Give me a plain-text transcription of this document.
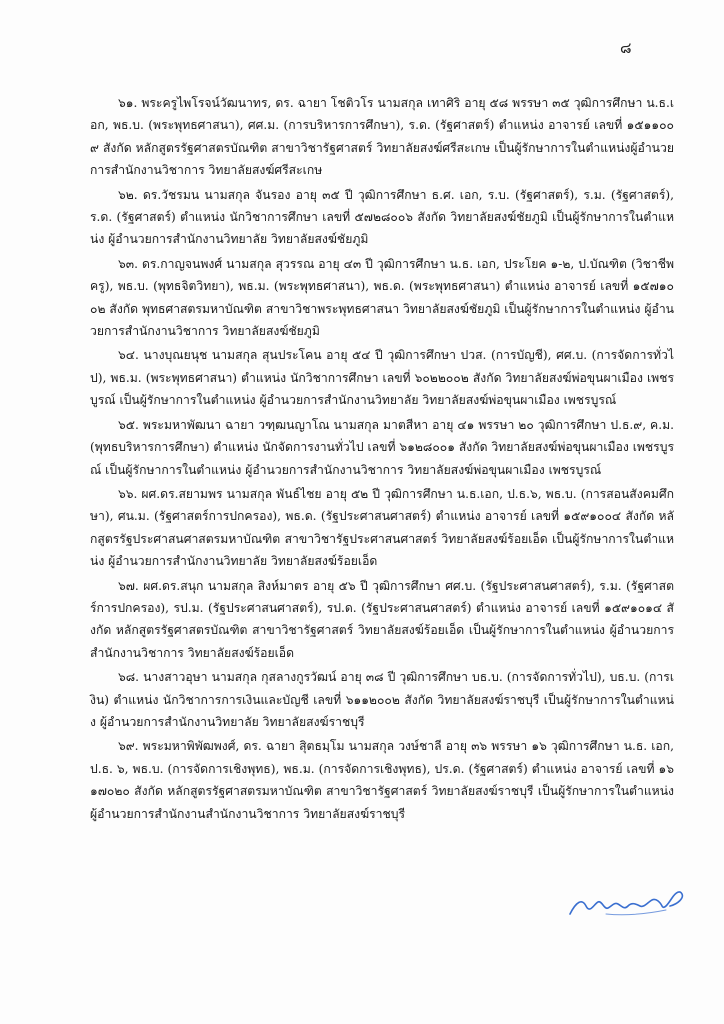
๘

๖๑. พระครูไพโรจน์วัฒนาทร, ดร. ฉายา โชติวโร นามสกุล เทาศิริ อายุ ๕๘ พรรษา ๓๕ วุฒิการศึกษา น.ธ.เอก, พธ.บ. (พระพุทธศาสนา), ศศ.ม. (การบริหารการศึกษา), ร.ด. (รัฐศาสตร์) ตำแหน่ง อาจารย์ เลขที่ ๑๕๑๑๐๐๙ สังกัด หลักสูตรรัฐศาสตรบัณฑิต สาขาวิชารัฐศาสตร์ วิทยาลัยสงฆ์ศรีสะเกษ เป็นผู้รักษาการในตำแหน่งผู้อำนวยการสำนักงานวิชาการ วิทยาลัยสงฆ์ศรีสะเกษ

๖๒. ดร.วัชรมน นามสกุล จันรอง อายุ ๓๕ ปี วุฒิการศึกษา ธ.ศ. เอก, ร.บ. (รัฐศาสตร์), ร.ม. (รัฐศาสตร์), ร.ด. (รัฐศาสตร์) ตำแหน่ง นักวิชาการศึกษา เลขที่ ๕๗๒๘๐๐๖ สังกัด วิทยาลัยสงฆ์ชัยภูมิ เป็นผู้รักษาการในตำแหน่ง ผู้อำนวยการสำนักงานวิทยาลัย วิทยาลัยสงฆ์ชัยภูมิ

๖๓. ดร.กาญจนพงศ์ นามสกุล สุวรรณ อายุ ๔๓ ปี วุฒิการศึกษา น.ธ. เอก, ประโยค ๑-๒, ป.บัณฑิต (วิชาชีพครู), พธ.บ. (พุทธจิตวิทยา), พธ.ม. (พระพุทธศาสนา), พธ.ด. (พระพุทธศาสนา) ตำแหน่ง อาจารย์ เลขที่ ๑๕๗๑๐๐๒ สังกัด พุทธศาสตรมหาบัณฑิต สาขาวิชาพระพุทธศาสนา วิทยาลัยสงฆ์ชัยภูมิ เป็นผู้รักษาการในตำแหน่ง ผู้อำนวยการสำนักงานวิชาการ วิทยาลัยสงฆ์ชัยภูมิ

๖๔. นางบุณยนุช นามสกุล สุนประโคน อายุ ๕๔ ปี วุฒิการศึกษา ปวส. (การบัญชี), ศศ.บ. (การจัดการทั่วไป), พธ.ม. (พระพุทธศาสนา) ตำแหน่ง นักวิชาการศึกษา เลขที่ ๖๐๒๒๐๐๒ สังกัด วิทยาลัยสงฆ์พ่อขุนผาเมือง เพชรบูรณ์ เป็นผู้รักษาการในตำแหน่ง ผู้อำนวยการสำนักงานวิทยาลัย วิทยาลัยสงฆ์พ่อขุนผาเมือง เพชรบูรณ์

๖๕. พระมหาพัฒนา ฉายา วฑฺฒนญาโณ นามสกุล มาตสีหา อายุ ๔๑ พรรษา ๒๐ วุฒิการศึกษา ป.ธ.๙, ค.ม. (พุทธบริหารการศึกษา) ตำแหน่ง นักจัดการงานทั่วไป เลขที่ ๖๑๒๘๐๐๑ สังกัด วิทยาลัยสงฆ์พ่อขุนผาเมือง เพชรบูรณ์ เป็นผู้รักษาการในตำแหน่ง ผู้อำนวยการสำนักงานวิชาการ วิทยาลัยสงฆ์พ่อขุนผาเมือง เพชรบูรณ์

๖๖. ผศ.ดร.สยามพร นามสกุล พันธ์ไชย อายุ ๕๒ ปี วุฒิการศึกษา น.ธ.เอก, ป.ธ.๖, พธ.บ. (การสอนสังคมศึกษา), ศน.ม. (รัฐศาสตร์การปกครอง), พธ.ด. (รัฐประศาสนศาสตร์) ตำแหน่ง อาจารย์ เลขที่ ๑๕๙๑๐๐๔ สังกัด หลักสูตรรัฐประศาสนศาสตรมหาบัณฑิต สาขาวิชารัฐประศาสนศาสตร์ วิทยาลัยสงฆ์ร้อยเอ็ด เป็นผู้รักษาการในตำแหน่ง ผู้อำนวยการสำนักงานวิทยาลัย วิทยาลัยสงฆ์ร้อยเอ็ด

๖๗. ผศ.ดร.สนุก นามสกุล สิงห์มาตร อายุ ๕๖ ปี วุฒิการศึกษา ศศ.บ. (รัฐประศาสนศาสตร์), ร.ม. (รัฐศาสตร์การปกครอง), รป.ม. (รัฐประศาสนศาสตร์), รป.ด. (รัฐประศาสนศาสตร์) ตำแหน่ง อาจารย์ เลขที่ ๑๕๙๑๐๑๔ สังกัด หลักสูตรรัฐศาสตรบัณฑิต สาขาวิชารัฐศาสตร์ วิทยาลัยสงฆ์ร้อยเอ็ด เป็นผู้รักษาการในตำแหน่ง ผู้อำนวยการสำนักงานวิชาการ วิทยาลัยสงฆ์ร้อยเอ็ด

๖๘. นางสาวอุษา นามสกุล กุสลางกูรวัฒน์ อายุ ๓๘ ปี วุฒิการศึกษา บธ.บ. (การจัดการทั่วไป), บธ.บ. (การเงิน) ตำแหน่ง นักวิชาการการเงินและบัญชี เลขที่ ๖๑๑๒๐๐๒ สังกัด วิทยาลัยสงฆ์ราชบุรี เป็นผู้รักษาการในตำแหน่ง ผู้อำนวยการสำนักงานวิทยาลัย วิทยาลัยสงฆ์ราชบุรี

๖๙. พระมหาพิพัฒพงศ์, ดร. ฉายา สุิตธมฺโม นามสกุล วงษ์ชาลี อายุ ๓๖ พรรษา ๑๖ วุฒิการศึกษา น.ธ. เอก, ป.ธ. ๖, พธ.บ. (การจัดการเชิงพุทธ), พธ.ม. (การจัดการเชิงพุทธ), ปร.ด. (รัฐศาสตร์) ตำแหน่ง อาจารย์ เลขที่ ๑๖๑๗๐๒๐ สังกัด หลักสูตรรัฐศาสตรมหาบัณฑิต สาขาวิชารัฐศาสตร์ วิทยาลัยสงฆ์ราชบุรี เป็นผู้รักษาการในตำแหน่ง ผู้อำนวยการสำนักงานสำนักงานวิชาการ วิทยาลัยสงฆ์ราชบุรี
